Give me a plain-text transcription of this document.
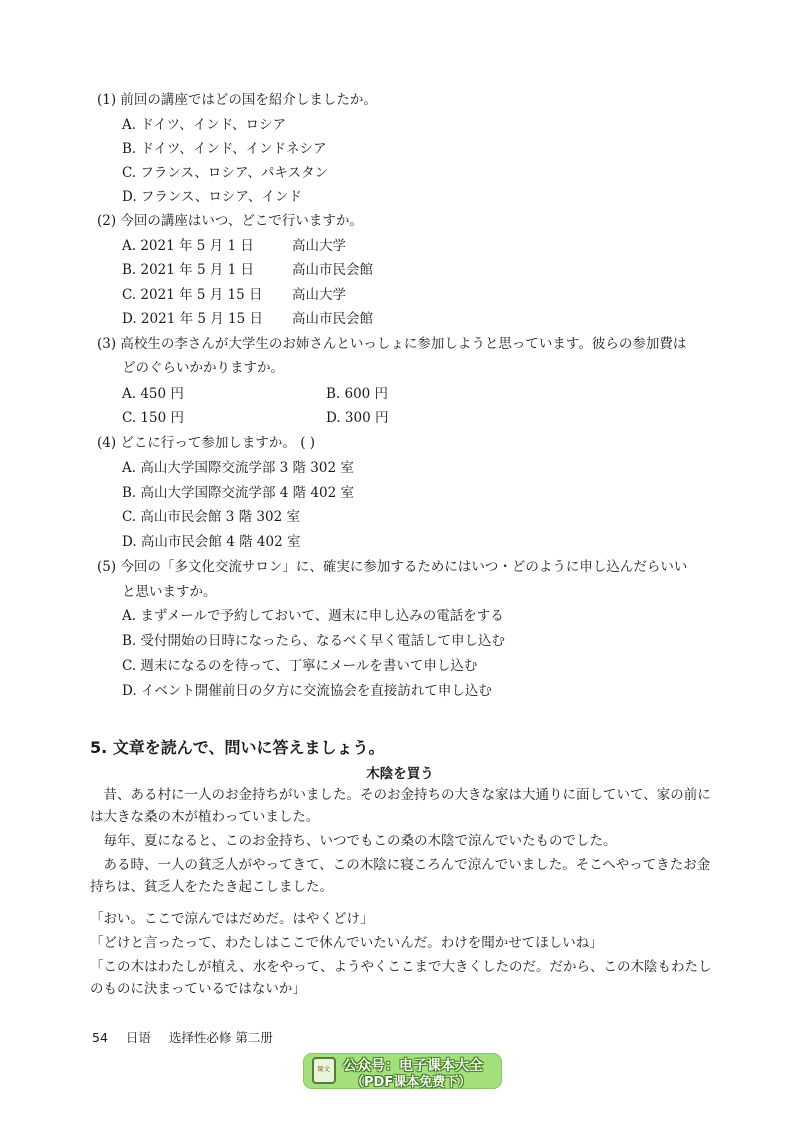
(1) 前回の講座ではどの国を紹介しましたか。
A. ドイツ、インド、ロシア
B. ドイツ、インド、インドネシア
C. フランス、ロシア、パキスタン
D. フランス、ロシア、インド
(2) 今回の講座はいつ、どこで行いますか。
A. 2021 年 5 月 1 日	高山大学
B. 2021 年 5 月 1 日	高山市民会館
C. 2021 年 5 月 15 日 高山大学
D. 2021 年 5 月 15 日 高山市民会館
(3) 高校生の李さんが大学生のお姉さんといっしょに参加しようと思っています。彼らの参加費は
どのぐらいかかりますか。
A. 450 円	B. 600 円
C. 150 円	D. 300 円
(4) どこに行って参加しますか。 ( )
A. 高山大学国際交流学部 3 階 302 室
B. 高山大学国際交流学部 4 階 402 室
C. 高山市民会館 3 階 302 室
D. 高山市民会館 4 階 402 室
(5) 今回の「多文化交流サロン」に、確実に参加するためにはいつ・どのように申し込んだらいい
と思いますか。
A. まずメールで予約しておいて、週末に申し込みの電話をする
B. 受付開始の日時になったら、なるべく早く電話して申し込む
C. 週末になるのを待って、丁寧にメールを書いて申し込む
D. イベント開催前日の夕方に交流協会を直接訪れて申し込む
5. 文章を読んで、問いに答えましょう。
木陰を買う
　昔、ある村に一人のお金持ちがいました。そのお金持ちの大きな家は大通りに面していて、家の前には大きな桑の木が植わっていました。
　毎年、夏になると、このお金持ち、いつでもこの桑の木陰で涼んでいたものでした。
　ある時、一人の貧乏人がやってきて、この木陰に寝ころんで涼んでいました。そこへやってきたお金持ちは、貧乏人をたたき起こしました。
「おい。ここで涼んではだめだ。はやくどけ」
「どけと言ったって、わたしはここで休んでいたいんだ。わけを聞かせてほしいね」
「この木はわたしが植え、水をやって、ようやくここまで大きくしたのだ。だから、この木陰もわたしのものに決まっているではないか」
54 日语 选择性必修 第二册
课文 公众号：电子课本大全
（PDF课本免费下）
